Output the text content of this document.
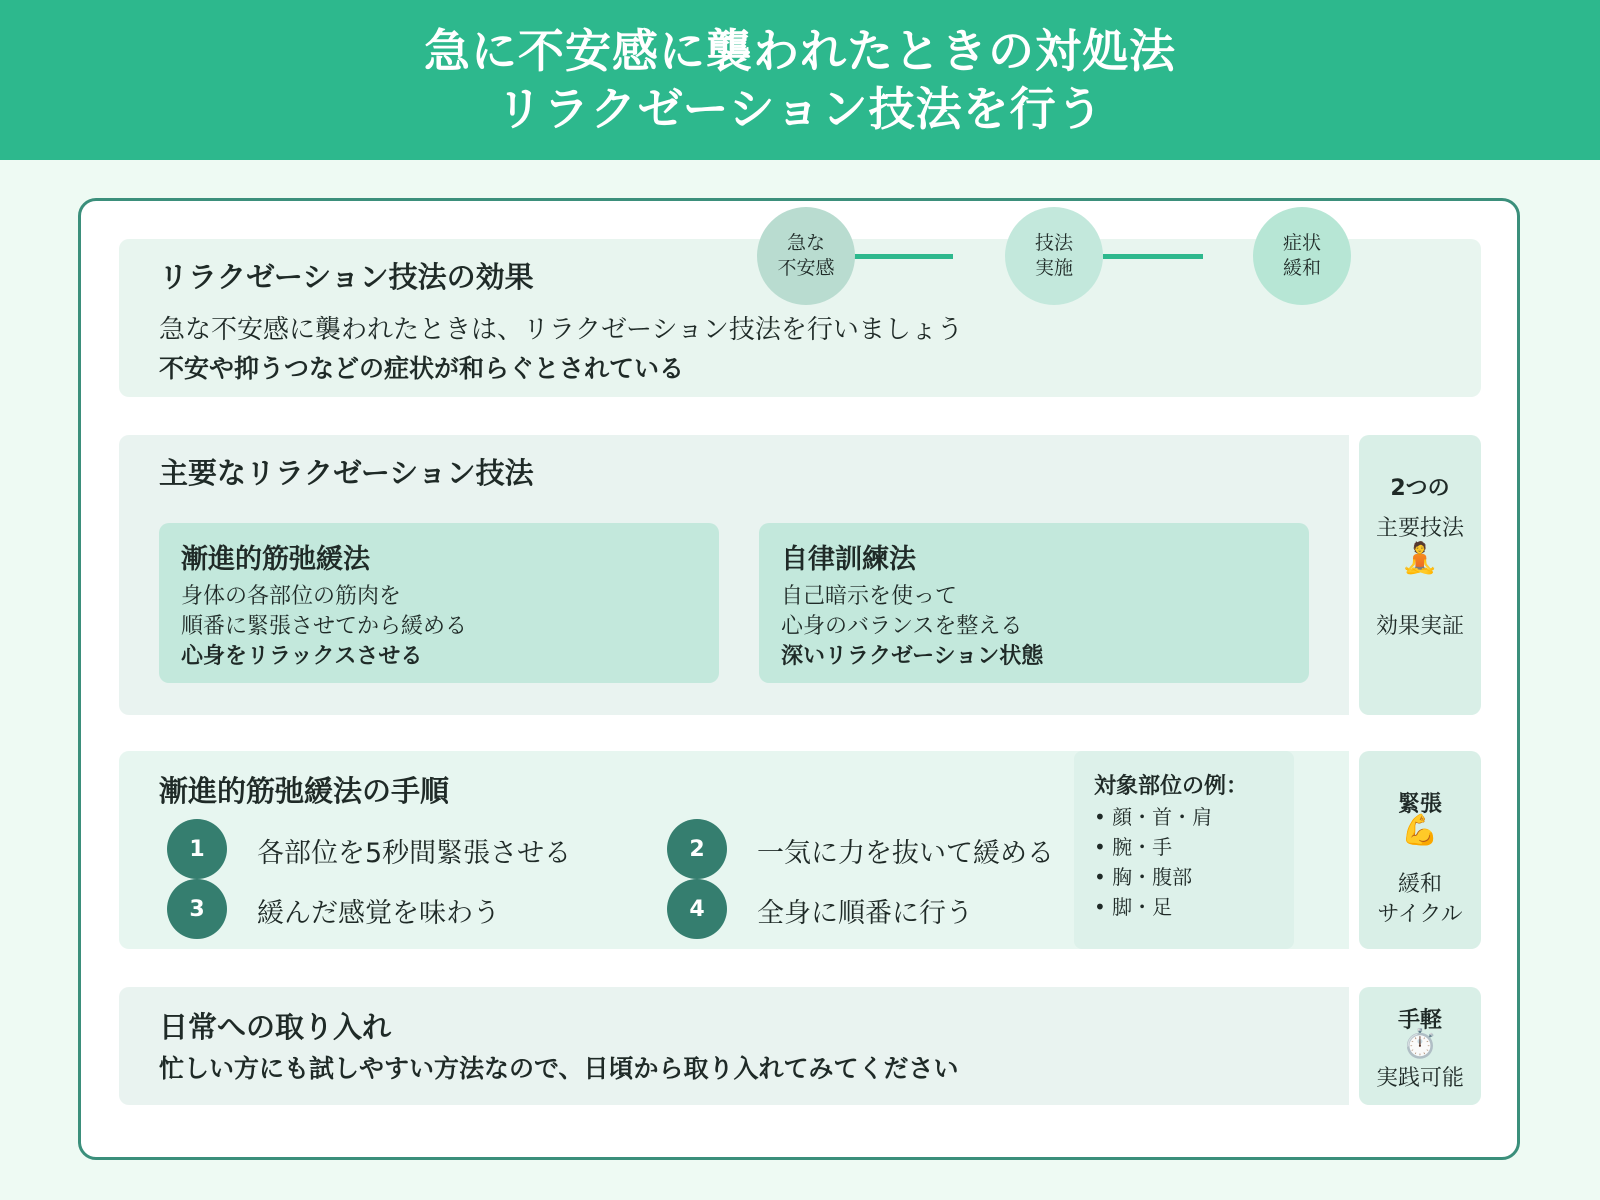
急に不安感に襲われたときの対処法
リラクゼーション技法を行う
リラクゼーション技法の効果
急な不安感に襲われたときは、リラクゼーション技法を行いましょう
不安や抑うつなどの症状が和らぐとされている
急な
不安感
技法
実施
症状
緩和
主要なリラクゼーション技法
漸進的筋弛緩法
身体の各部位の筋肉を
順番に緊張させてから緩める
心身をリラックスさせる
自律訓練法
自己暗示を使って
心身のバランスを整える
深いリラクゼーション状態
2つの
主要技法
🧘
効果実証
漸進的筋弛緩法の手順
1	各部位を5秒間緊張させる	2	一気に力を抜いて緩める
3	緩んだ感覚を味わう	4	全身に順番に行う
対象部位の例：
• 顔・首・肩
• 腕・手
• 胸・腹部
• 脚・足
緊張
💪
緩和
サイクル
日常への取り入れ
忙しい方にも試しやすい方法なので、日頃から取り入れてみてください
手軽
⏱️
実践可能
